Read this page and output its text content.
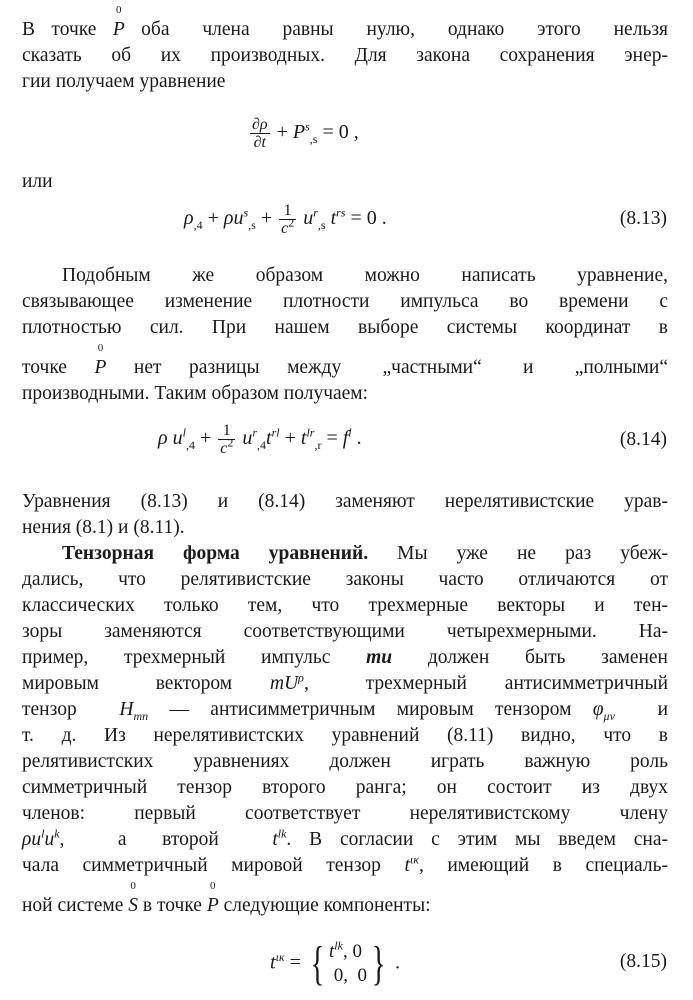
В точке P
0
оба  члена  равны  нулю,  однако  этого  нельзя
сказать об их производных. Для закона сохранения энер-
гии получаем уравнение
$\frac{\partial\rho}{\partial t} + P^s_{,s} = 0$ ,
или
$\rho_{,4} + \rho u^s_{,s} + \frac{1}{c^2} u^r_{,s}$ $t^{rs} = 0$ .	(8.13)
Подобным же образом можно написать уравнение,
связывающее изменение плотности импульса во времени с
плотностью сил. При нашем выборе системы координат в
точке  P
0
нет  разницы  между   „частными“   и   „полными“
производными. Таким образом получаем:
ρ $u^l_{,4} + \frac{1}{c^2} u^r_{,4}t^{rl} + t^{lr}_{,r} = f^l$ .	(8.14)
Уравнения (8.13) и (8.14) заменяют нерелятивистские урав-
нения (8.1) и (8.11).
Тензорная форма уравнений. Мы уже не раз убеж-
дались, что релятивистские законы часто отличаются от
классических только тем, что трехмерные векторы и тен-
зоры заменяются соответствующими четырехмерными. На-
пример,  трехмерный  импульс  mu  должен  быть  заменен
мировым   вектором  $mU^\rho$,   трехмерный  антисимметричный
тензор  $H_{mn}$ — антисимметричным мировым тензором $\varphi_{\mu\nu}$  и
т. д. Из нерелятивистских уравнений (8.11) видно, что в
релятивистских уравнениях должен играть важную роль
симметричный тензор второго ранга; он состоит из двух
членов: первый соответствует нерелятивистскому члену
$\rho u^lu^k$,   а  второй   $t^{lk}$. В согласии с этим мы введем сна-
чала симметричный мировой тензор $t^{\iota\kappa}$, имеющий в специаль-
ной системе S
0
в точке P
0
следующие компоненты:
$t^{\iota\kappa}$ = { $t^{lk}$, 0
0,  0 } .	(8.15)
